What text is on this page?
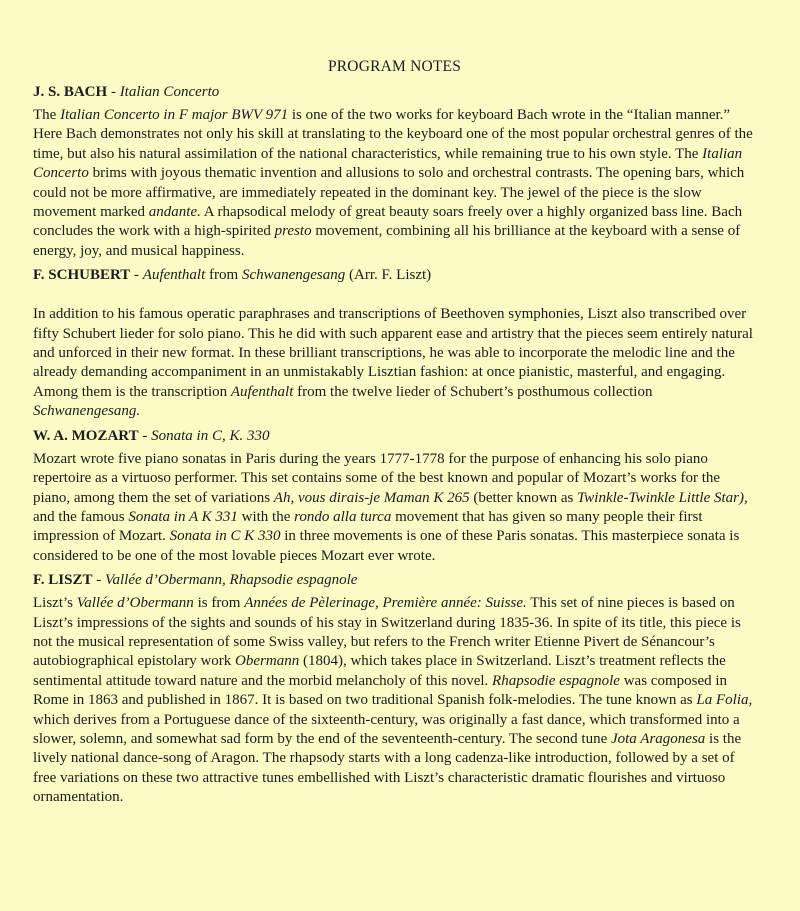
PROGRAM NOTES
J. S. BACH - Italian Concerto

The Italian Concerto in F major BWV 971 is one of the two works for keyboard Bach wrote in the “Italian manner.” Here Bach demonstrates not only his skill at translating to the keyboard one of the most popular orchestral genres of the time, but also his natural assimilation of the national characteristics, while remaining true to his own style. The Italian Concerto brims with joyous thematic invention and allusions to solo and orchestral contrasts. The opening bars, which could not be more affirmative, are immediately repeated in the dominant key. The jewel of the piece is the slow movement marked andante. A rhapsodical melody of great beauty soars freely over a highly organized bass line. Bach concludes the work with a high-spirited presto movement, combining all his brilliance at the keyboard with a sense of energy, joy, and musical happiness.

F. SCHUBERT - Aufenthalt from Schwanengesang (Arr. F. Liszt)

In addition to his famous operatic paraphrases and transcriptions of Beethoven symphonies, Liszt also transcribed over fifty Schubert lieder for solo piano. This he did with such apparent ease and artistry that the pieces seem entirely natural and unforced in their new format. In these brilliant transcriptions, he was able to incorporate the melodic line and the already demanding accompaniment in an unmistakably Lisztian fashion: at once pianistic, masterful, and engaging. Among them is the transcription Aufenthalt from the twelve lieder of Schubert’s posthumous collection Schwanengesang.

W. A. MOZART - Sonata in C, K. 330

Mozart wrote five piano sonatas in Paris during the years 1777-1778 for the purpose of enhancing his solo piano repertoire as a virtuoso performer. This set contains some of the best known and popular of Mozart’s works for the piano, among them the set of variations Ah, vous dirais-je Maman K 265 (better known as Twinkle-Twinkle Little Star), and the famous Sonata in A K 331 with the rondo alla turca movement that has given so many people their first impression of Mozart. Sonata in C K 330 in three movements is one of these Paris sonatas. This masterpiece sonata is considered to be one of the most lovable pieces Mozart ever wrote.

F. LISZT - Vallée d’Obermann, Rhapsodie espagnole

Liszt’s Vallée d’Obermann is from Années de Pèlerinage, Première année: Suisse. This set of nine pieces is based on Liszt’s impressions of the sights and sounds of his stay in Switzerland during 1835-36. In spite of its title, this piece is not the musical representation of some Swiss valley, but refers to the French writer Etienne Pivert de Sénancour’s autobiographical epistolary work Obermann (1804), which takes place in Switzerland. Liszt’s treatment reflects the sentimental attitude toward nature and the morbid melancholy of this novel. Rhapsodie espagnole was composed in Rome in 1863 and published in 1867. It is based on two traditional Spanish folk-melodies. The tune known as La Folia, which derives from a Portuguese dance of the sixteenth-century, was originally a fast dance, which transformed into a slower, solemn, and somewhat sad form by the end of the seventeenth-century. The second tune Jota Aragonesa is the lively national dance-song of Aragon. The rhapsody starts with a long cadenza-like introduction, followed by a set of free variations on these two attractive tunes embellished with Liszt’s characteristic dramatic flourishes and virtuoso ornamentation.
